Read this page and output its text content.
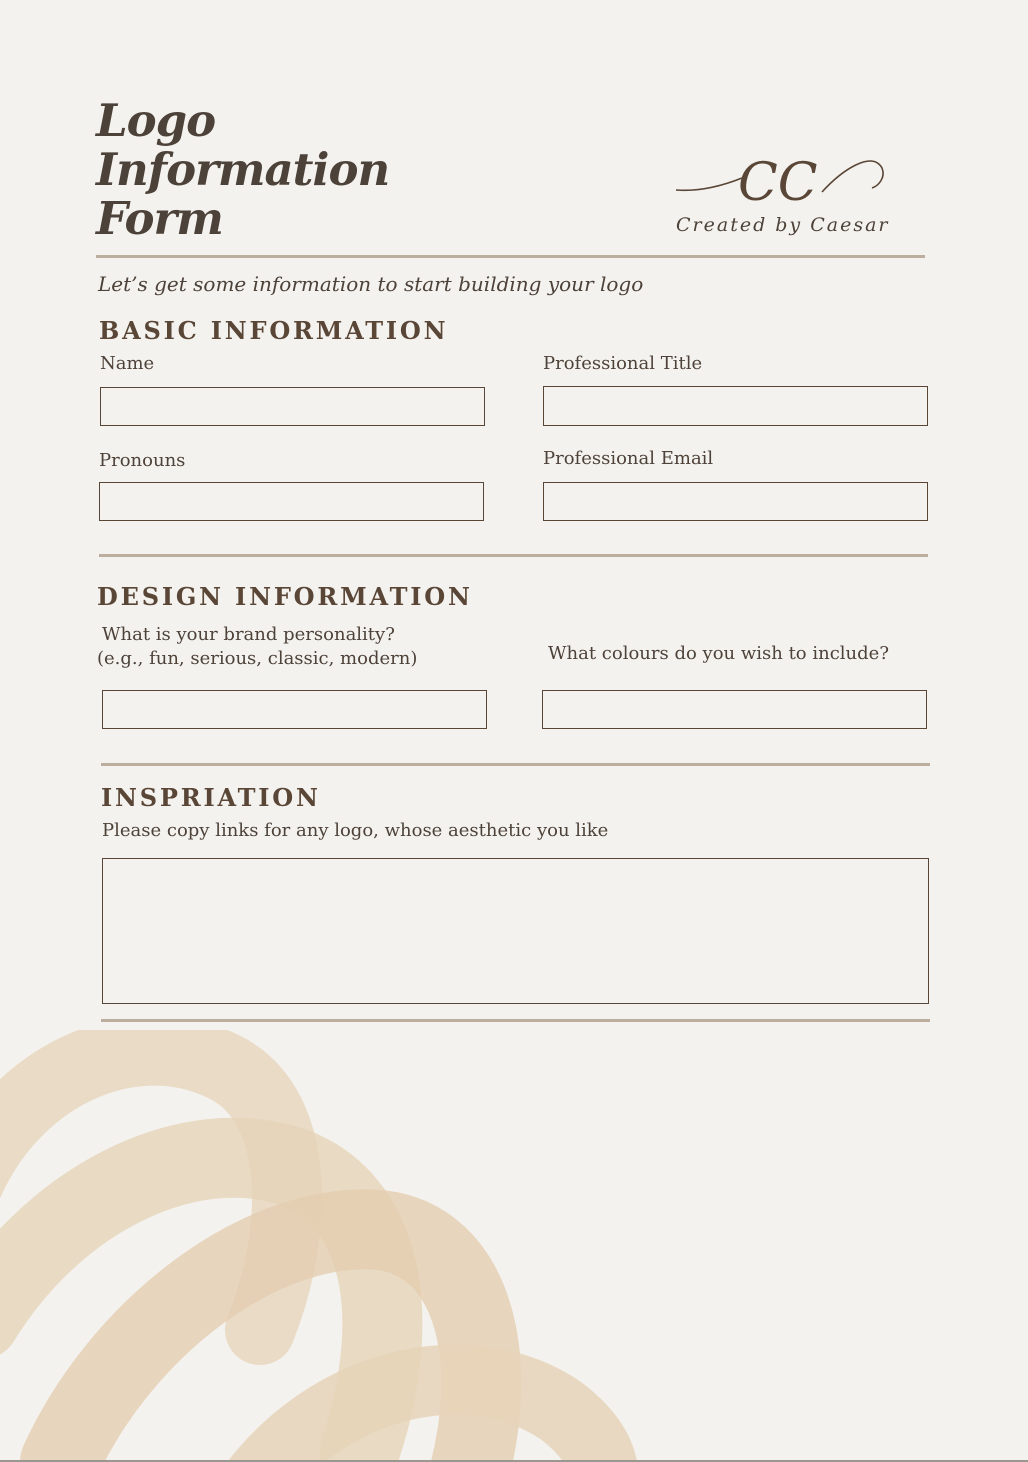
Logo
Information
Form
CC
Created by Caesar
Let’s get some information to start building your logo
BASIC INFORMATION
Name	Professional Title
Pronouns	Professional Email
DESIGN INFORMATION
What is your brand personality?
(e.g., fun, serious, classic, modern)	What colours do you wish to include?
INSPRIATION
Please copy links for any logo, whose aesthetic you like
